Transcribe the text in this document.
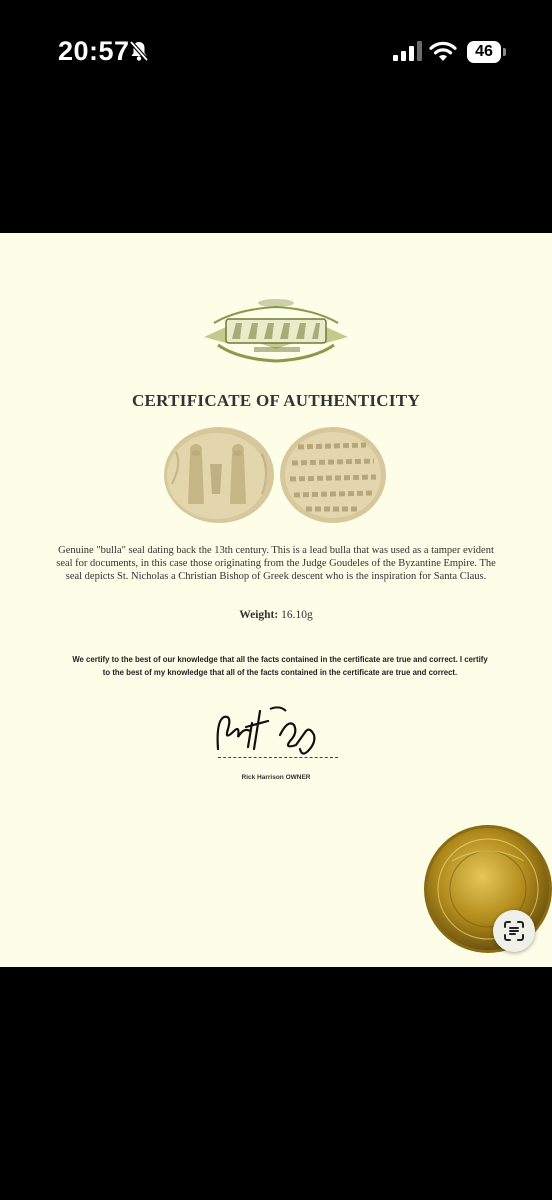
20:57	46
CERTIFICATE OF AUTHENTICITY
Genuine "bulla" seal dating back the 13th century. This is a lead bulla that was used as a tamper evident seal for documents, in this case those originating from the Judge Goudeles of the Byzantine Empire. The seal depicts St. Nicholas a Christian Bishop of Greek descent who is the inspiration for Santa Claus.
Weight: 16.10g
We certify to the best of our knowledge that all the facts contained in the certificate are true and correct. I certify to the best of my knowledge that all of the facts contained in the certificate are true and correct.
Rick Harrison OWNER
